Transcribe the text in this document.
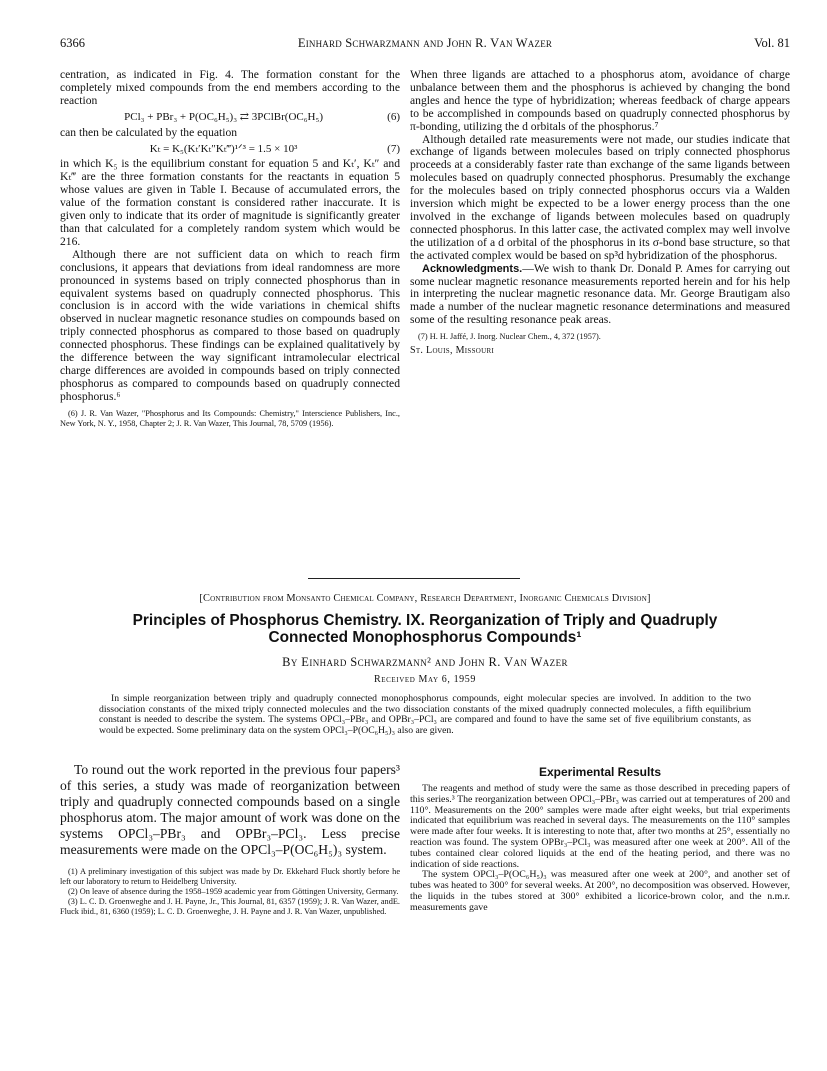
6366	Einhard Schwarzmann and John R. Van Wazer	Vol. 81

centration, as indicated in Fig. 4. The formation constant for the completely mixed compounds from the end members according to the reaction

PCl₃ + PBr₃ + P(OC₆H₅)₃ ⇄ 3PClBr(OC₆H₅)	(6)

can then be calculated by the equation

Kₜ = K₅(Kₜ′Kₜ″Kₜ‴)¹ᐟ³ = 1.5 × 10³	(7)

in which K₅ is the equilibrium constant for equation 5 and Kₜ′, Kₜ″ and Kₜ‴ are the three formation constants for the reactants in equation 5 whose values are given in Table I. Because of accumulated errors, the value of the formation constant is considered rather inaccurate. It is given only to indicate that its order of magnitude is significantly greater than that calculated for a completely random system which would be 216.

Although there are not sufficient data on which to reach firm conclusions, it appears that deviations from ideal randomness are more pronounced in systems based on triply connected phosphorus than in equivalent systems based on quadruply connected phosphorus. This conclusion is in accord with the wide variations in chemical shifts observed in nuclear magnetic resonance studies on compounds based on triply connected phosphorus as compared to those based on quadruply connected phosphorus. These findings can be explained qualitatively by the difference between the way significant intramolecular electrical charge differences are avoided in compounds based on triply connected phosphorus as compared to compounds based on quadruply connected phosphorus.⁶

(6) J. R. Van Wazer, "Phosphorus and Its Compounds: Chemistry," Interscience Publishers, Inc., New York, N. Y., 1958, Chapter 2; J. R. Van Wazer, This Journal, 78, 5709 (1956).

When three ligands are attached to a phosphorus atom, avoidance of charge unbalance between them and the phosphorus is achieved by changing the bond angles and hence the type of hybridization; whereas feedback of charge appears to be accomplished in compounds based on quadruply connected phosphorus by π-bonding, utilizing the d orbitals of the phosphorus.⁷

Although detailed rate measurements were not made, our studies indicate that exchange of ligands between molecules based on triply connected phosphorus proceeds at a considerably faster rate than exchange of the same ligands between molecules based on quadruply connected phosphorus. Presumably the exchange for the molecules based on triply connected phosphorus occurs via a Walden inversion which might be expected to be a lower energy process than the one involved in the exchange of ligands between molecules based on quadruply connected phosphorus. In this latter case, the activated complex may well involve the utilization of a d orbital of the phosphorus in its σ-bond base structure, so that the activated complex would be based on sp³d hybridization of the phosphorus.

Acknowledgments.—We wish to thank Dr. Donald P. Ames for carrying out some nuclear magnetic resonance measurements reported herein and for his help in interpreting the nuclear magnetic resonance data. Mr. George Brautigam also made a number of the nuclear magnetic resonance determinations and measured some of the resulting resonance peak areas.

(7) H. H. Jaffé, J. Inorg. Nuclear Chem., 4, 372 (1957).

St. Louis, Missouri
[Contribution from Monsanto Chemical Company, Research Department, Inorganic Chemicals Division]
Principles of Phosphorus Chemistry. IX. Reorganization of Triply and Quadruply
Connected Monophosphorus Compounds¹
By Einhard Schwarzmann² and John R. Van Wazer
Received May 6, 1959

In simple reorganization between triply and quadruply connected monophosphorus compounds, eight molecular species are involved. In addition to the two dissociation constants of the mixed triply connected molecules and the two dissociation constants of the mixed quadruply connected molecules, a fifth equilibrium constant is needed to describe the system. The systems OPCl₃–PBr₃ and OPBr₃–PCl₃ are compared and found to have the same set of five equilibrium constants, as would be expected. Some preliminary data on the system OPCl₃–P(OC₆H₅)₃ also are given.

To round out the work reported in the previous four papers³ of this series, a study was made of reorganization between triply and quadruply connected compounds based on a single phosphorus atom. The major amount of work was done on the systems OPCl₃–PBr₃ and OPBr₃–PCl₃. Less precise measurements were made on the OPCl₃–P(OC₆H₅)₃ system.

(1) A preliminary investigation of this subject was made by Dr. Ekkehard Fluck shortly before he left our laboratory to return to Heidelberg University.

(2) On leave of absence during the 1958–1959 academic year from Göttingen University, Germany.

(3) L. C. D. Groenweghe and J. H. Payne, Jr., This Journal, 81, 6357 (1959); J. R. Van Wazer, andE. Fluck ibid., 81, 6360 (1959); L. C. D. Groenweghe, J. H. Payne and J. R. Van Wazer, unpublished.

Experimental Results

The reagents and method of study were the same as those described in preceding papers of this series.³ The reorganization between OPCl₃–PBr₃ was carried out at temperatures of 200 and 110°. Measurements on the 200° samples were made after eight weeks, but trial experiments indicated that equilibrium was reached in several days. The measurements on the 110° samples were made after four weeks. It is interesting to note that, after two months at 25°, essentially no reaction was found. The system OPBr₃–PCl₃ was measured after one week at 200°. All of the tubes contained clear colored liquids at the end of the heating period, and there was no indication of side reactions.

The system OPCl₃–P(OC₆H₅)₃ was measured after one week at 200°, and another set of tubes was heated to 300° for several weeks. At 200°, no decomposition was observed. However, the liquids in the tubes stored at 300° exhibited a licorice-brown color, and the n.m.r. measurements gave
